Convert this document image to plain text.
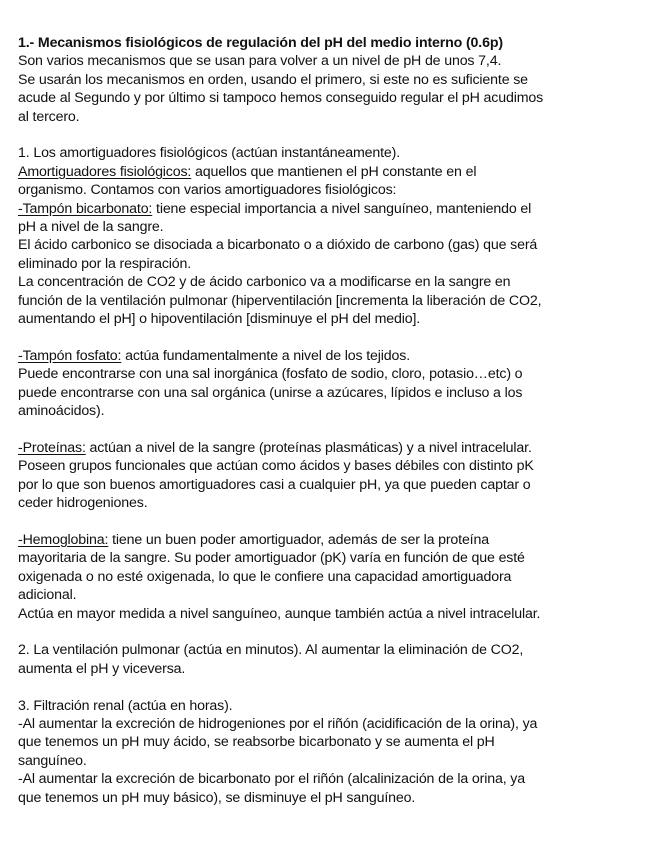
1.- Mecanismos fisiológicos de regulación del pH del medio interno (0.6p)
Son varios mecanismos que se usan para volver a un nivel de pH de unos 7,4.
Se usarán los mecanismos en orden, usando el primero, si este no es suficiente se
acude al Segundo y por último si tampoco hemos conseguido regular el pH acudimos
al tercero.
1. Los amortiguadores fisiológicos (actúan instantáneamente).
Amortiguadores fisiológicos: aquellos que mantienen el pH constante en el
organismo. Contamos con varios amortiguadores fisiológicos:
-Tampón bicarbonato: tiene especial importancia a nivel sanguíneo, manteniendo el
pH a nivel de la sangre.
El ácido carbonico se disociada a bicarbonato o a dióxido de carbono (gas) que será
eliminado por la respiración.
La concentración de CO2 y de ácido carbonico va a modificarse en la sangre en
función de la ventilación pulmonar (hiperventilación [incrementa la liberación de CO2,
aumentando el pH] o hipoventilación [disminuye el pH del medio].
-Tampón fosfato: actúa fundamentalmente a nivel de los tejidos.
Puede encontrarse con una sal inorgánica (fosfato de sodio, cloro, potasio…etc) o
puede encontrarse con una sal orgánica (unirse a azúcares, lípidos e incluso a los
aminoácidos).
-Proteínas: actúan a nivel de la sangre (proteínas plasmáticas) y a nivel intracelular.
Poseen grupos funcionales que actúan como ácidos y bases débiles con distinto pK
por lo que son buenos amortiguadores casi a cualquier pH, ya que pueden captar o
ceder hidrogeniones.
-Hemoglobina: tiene un buen poder amortiguador, además de ser la proteína
mayoritaria de la sangre. Su poder amortiguador (pK) varía en función de que esté
oxigenada o no esté oxigenada, lo que le confiere una capacidad amortiguadora
adicional.
Actúa en mayor medida a nivel sanguíneo, aunque también actúa a nivel intracelular.
2. La ventilación pulmonar (actúa en minutos). Al aumentar la eliminación de CO2,
aumenta el pH y viceversa.
3. Filtración renal (actúa en horas).
-Al aumentar la excreción de hidrogeniones por el riñón (acidificación de la orina), ya
que tenemos un pH muy ácido, se reabsorbe bicarbonato y se aumenta el pH
sanguíneo.
-Al aumentar la excreción de bicarbonato por el riñón (alcalinización de la orina, ya
que tenemos un pH muy básico), se disminuye el pH sanguíneo.
